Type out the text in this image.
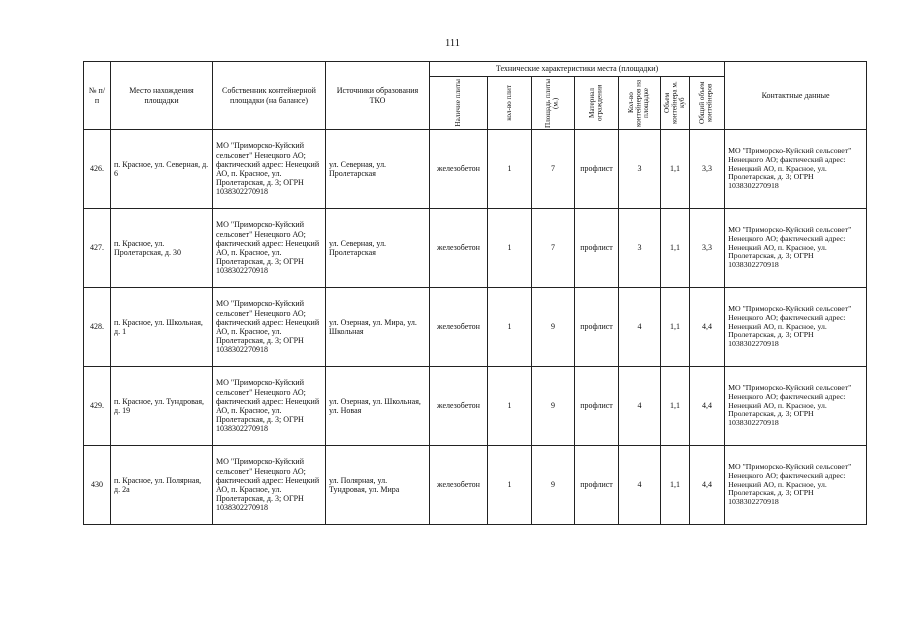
111
№ п/п	Место нахождения площадки	Собственник контейнерной площадки (на балансе)	Источники образования ТКО	Технические характеристики места (площадки)							Контактные данные

				Наличие плиты	кол-во плит	Площадь плиты (м.)	Материал ограждения	Кол-во контейнеров на площадке	Объем контейнера м. куб	Общий объем контейнеров	

426.	п. Красное, ул. Северная, д. 6	МО "Приморско-Куйский сельсовет" Ненецкого АО; фактический адрес: Ненецкий АО, п. Красное, ул. Пролетарская, д. 3; ОГРН 1038302270918	ул. Северная, ул. Пролетарская	железобетон	1	7	профлист	3	1,1	3,3	МО "Приморско-Куйский сельсовет" Ненецкого АО; фактический адрес: Ненецкий АО, п. Красное, ул. Пролетарская, д. 3; ОГРН 1038302270918
427.	п. Красное, ул. Пролетарская, д. 30	МО "Приморско-Куйский сельсовет" Ненецкого АО; фактический адрес: Ненецкий АО, п. Красное, ул. Пролетарская, д. 3; ОГРН 1038302270918	ул. Северная, ул. Пролетарская	железобетон	1	7	профлист	3	1,1	3,3	МО "Приморско-Куйский сельсовет" Ненецкого АО; фактический адрес: Ненецкий АО, п. Красное, ул. Пролетарская, д. 3; ОГРН 1038302270918
428.	п. Красное, ул. Школьная, д. 1	МО "Приморско-Куйский сельсовет" Ненецкого АО; фактический адрес: Ненецкий АО, п. Красное, ул. Пролетарская, д. 3; ОГРН 1038302270918	ул. Озерная, ул. Мира, ул. Школьная	железобетон	1	9	профлист	4	1,1	4,4	МО "Приморско-Куйский сельсовет" Ненецкого АО; фактический адрес: Ненецкий АО, п. Красное, ул. Пролетарская, д. 3; ОГРН 1038302270918
429.	п. Красное, ул. Тундровая, д. 19	МО "Приморско-Куйский сельсовет" Ненецкого АО; фактический адрес: Ненецкий АО, п. Красное, ул. Пролетарская, д. 3; ОГРН 1038302270918	ул. Озерная, ул. Школьная, ул. Новая	железобетон	1	9	профлист	4	1,1	4,4	МО "Приморско-Куйский сельсовет" Ненецкого АО; фактический адрес: Ненецкий АО, п. Красное, ул. Пролетарская, д. 3; ОГРН 1038302270918
430	п. Красное, ул. Полярная, д. 2а	МО "Приморско-Куйский сельсовет" Ненецкого АО; фактический адрес: Ненецкий АО, п. Красное, ул. Пролетарская, д. 3; ОГРН 1038302270918	ул. Полярная, ул. Тундровая, ул. Мира	железобетон	1	9	профлист	4	1,1	4,4	МО "Приморско-Куйский сельсовет" Ненецкого АО; фактический адрес: Ненецкий АО, п. Красное, ул. Пролетарская, д. 3; ОГРН 1038302270918
